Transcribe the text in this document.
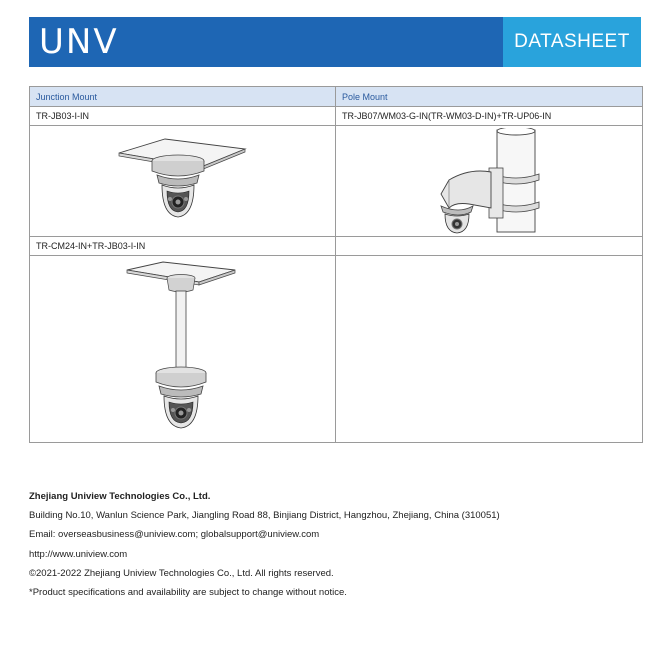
UNV	DATASHEET
Junction Mount	Pole Mount
TR-JB03-I-IN	TR-JB07/WM03-G-IN(TR-WM03-D-IN)+TR-UP06-IN

TR-CM24-IN+TR-JB03-I-IN	

Zhejiang Uniview Technologies Co., Ltd.
Building No.10, Wanlun Science Park, Jiangling Road 88, Binjiang District, Hangzhou, Zhejiang, China (310051)
Email: overseasbusiness@uniview.com; globalsupport@uniview.com
http://www.uniview.com
©2021-2022 Zhejiang Uniview Technologies Co., Ltd. All rights reserved.
*Product specifications and availability are subject to change without notice.
